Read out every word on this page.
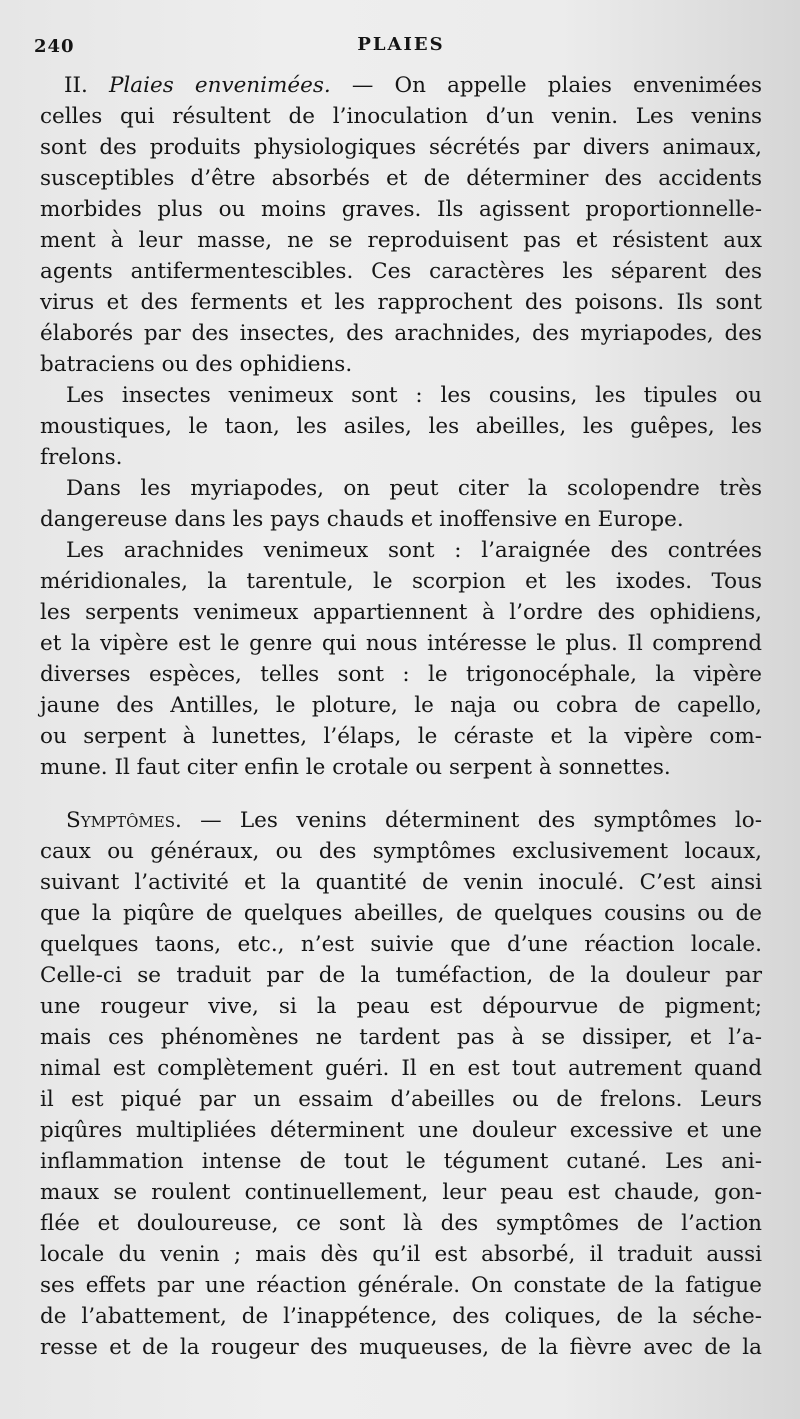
240	PLAIES
II. Plaies envenimées. — On appelle plaies envenimées
celles qui résultent de l’inoculation d’un venin. Les venins
sont des produits physiologiques sécrétés par divers animaux,
susceptibles d’être absorbés et de déterminer des accidents
morbides plus ou moins graves. Ils agissent proportionnelle-
ment à leur masse, ne se reproduisent pas et résistent aux
agents antifermentescibles. Ces caractères les séparent des
virus et des ferments et les rapprochent des poisons. Ils sont
élaborés par des insectes, des arachnides, des myriapodes, des
batraciens ou des ophidiens.
Les insectes venimeux sont : les cousins, les tipules ou
moustiques, le taon, les asiles, les abeilles, les guêpes, les
frelons.
Dans les myriapodes, on peut citer la scolopendre très
dangereuse dans les pays chauds et inoffensive en Europe.
Les arachnides venimeux sont : l’araignée des contrées
méridionales, la tarentule, le scorpion et les ixodes. Tous
les serpents venimeux appartiennent à l’ordre des ophidiens,
et la vipère est le genre qui nous intéresse le plus. Il comprend
diverses espèces, telles sont : le trigonocéphale, la vipère
jaune des Antilles, le ploture, le naja ou cobra de capello,
ou serpent à lunettes, l’élaps, le céraste et la vipère com-
mune. Il faut citer enfin le crotale ou serpent à sonnettes.
Symptômes. — Les venins déterminent des symptômes lo-
caux ou généraux, ou des symptômes exclusivement locaux,
suivant l’activité et la quantité de venin inoculé. C’est ainsi
que la piqûre de quelques abeilles, de quelques cousins ou de
quelques taons, etc., n’est suivie que d’une réaction locale.
Celle-ci se traduit par de la tuméfaction, de la douleur par
une rougeur vive, si la peau est dépourvue de pigment;
mais ces phénomènes ne tardent pas à se dissiper, et l’a-
nimal est complètement guéri. Il en est tout autrement quand
il est piqué par un essaim d’abeilles ou de frelons. Leurs
piqûres multipliées déterminent une douleur excessive et une
inflammation intense de tout le tégument cutané. Les ani-
maux se roulent continuellement, leur peau est chaude, gon-
flée et douloureuse, ce sont là des symptômes de l’action
locale du venin ; mais dès qu’il est absorbé, il traduit aussi
ses effets par une réaction générale. On constate de la fatigue
de l’abattement, de l’inappétence, des coliques, de la séche-
resse et de la rougeur des muqueuses, de la fièvre avec de la
